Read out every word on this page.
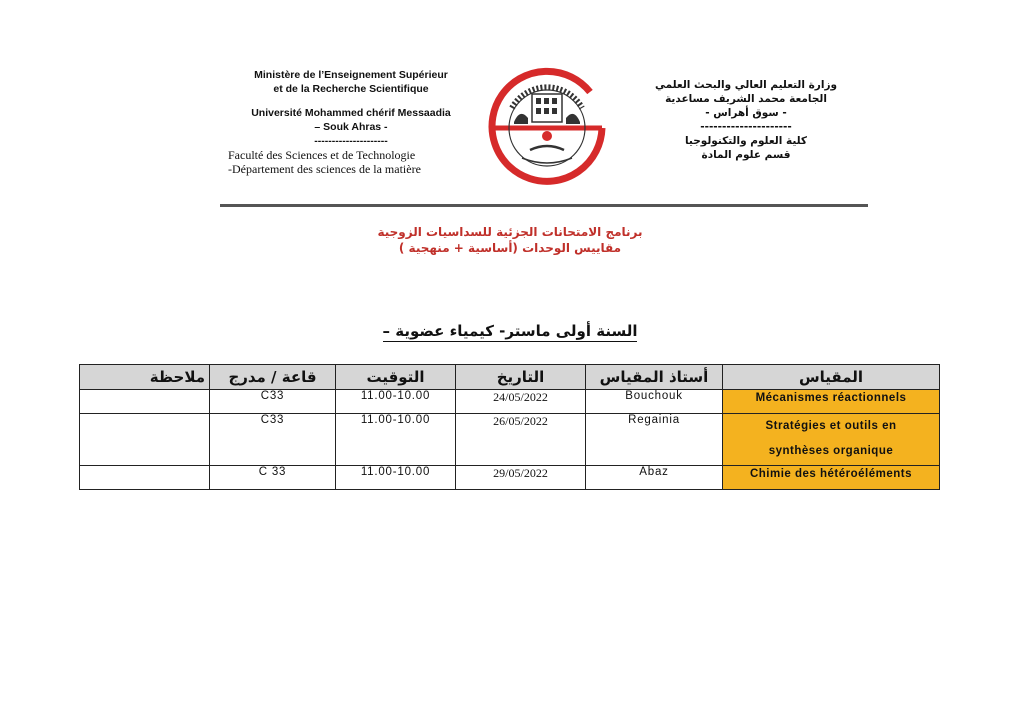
Ministère de l’Enseignement Supérieur
et de la Recherche Scientifique
Université Mohammed chérif Messaadia
– Souk Ahras -
---------------------
Faculté des Sciences et de Technologie
-Département des sciences de la matière
وزارة التعليم العالي والبحث العلمي
الجامعة محمد الشريف مساعدية
- سوق أهراس -
---------------------
كلية العلوم والتكنولوجيا
قسم علوم المادة
برنامج الامتحانات الجزئية للسداسيات الزوجية
مقاييس الوحدات (أساسية + منهجية )
السنة أولى ماستر- كيمياء عضوية –
ملاحظة	قاعة / مدرج	التوقيت	التاريخ	أستاذ المقياس	المقياس
	C33	11.00-10.00	24/05/2022	Bouchouk	Mécanismes réactionnels
	C33	11.00-10.00	26/05/2022	Regainia	Stratégies et outils en
synthèses organique

	C 33	11.00-10.00	29/05/2022	Abaz	Chimie des hétéroéléments
